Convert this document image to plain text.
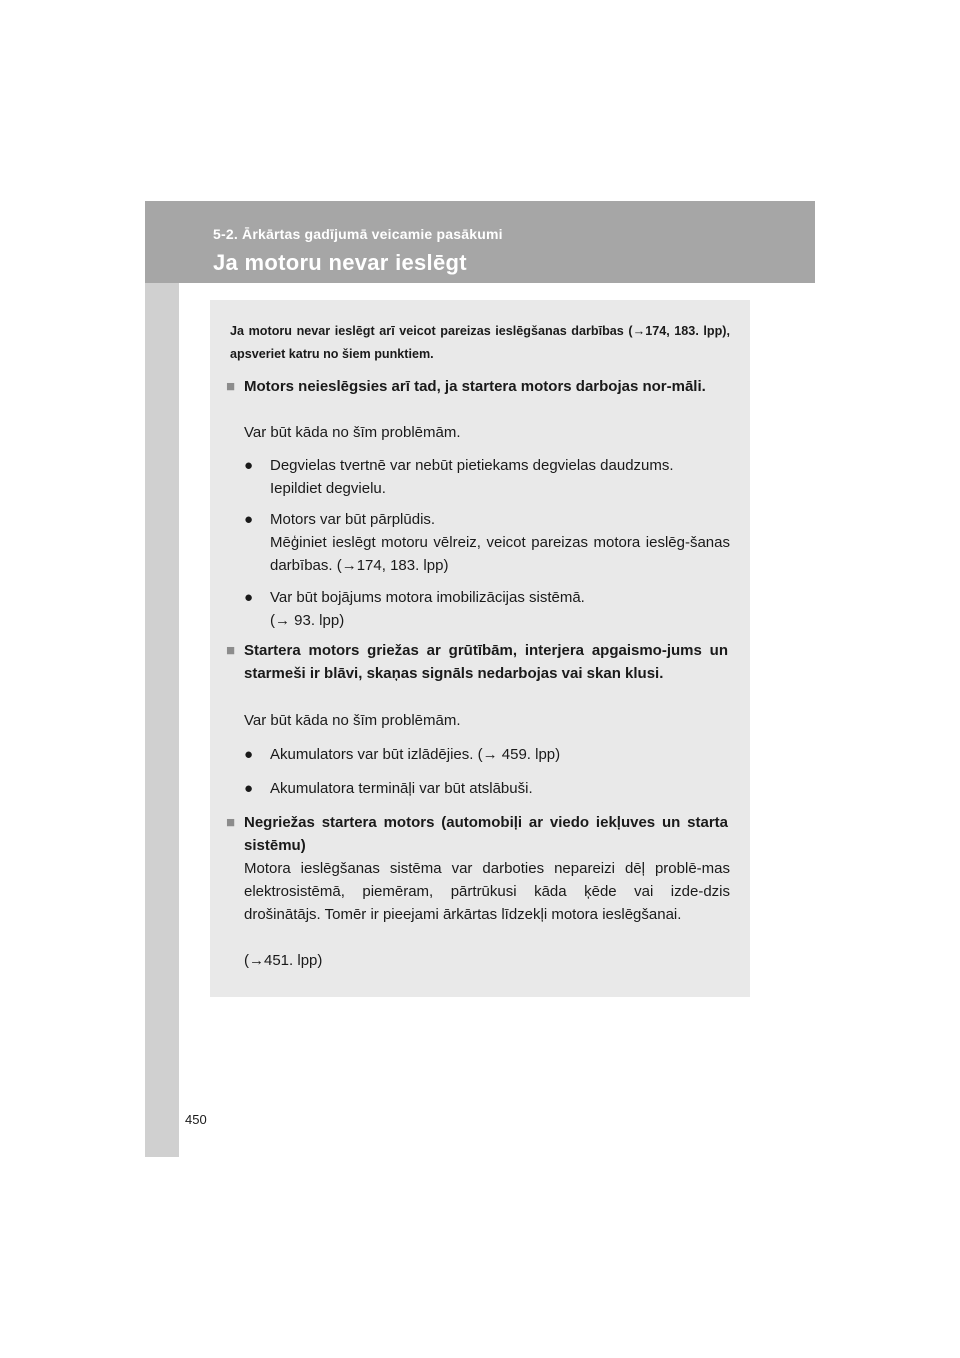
5-2. Ārkārtas gadījumā veicamie pasākumi
Ja motoru nevar ieslēgt
Ja motoru nevar ieslēgt arī veicot pareizas ieslēgšanas darbības (→174, 183. lpp), apsveriet katru no šiem punktiem.
■ Motors neieslēgsies arī tad, ja startera motors darbojas nor-māli.
Var būt kāda no šīm problēmām.
●	Degvielas tvertnē var nebūt pietiekams degvielas daudzums.
Iepildiet degvielu.
●	Motors var būt pārplūdis.
Mēģiniet ieslēgt motoru vēlreiz, veicot pareizas motora ieslēg-šanas darbības. (→174, 183. lpp)
●	Var būt bojājums motora imobilizācijas sistēmā.
(→ 93. lpp)
■ Startera motors griežas ar grūtībām, interjera apgaismo-jums un starmeši ir blāvi, skaņas signāls nedarbojas vai skan klusi.
Var būt kāda no šīm problēmām.
●	Akumulators var būt izlādējies. (→ 459. lpp)
●	Akumulatora termināļi var būt atslābuši.
■ Negriežas startera motors (automobiļi ar viedo iekļuves un starta sistēmu)
Motora ieslēgšanas sistēma var darboties nepareizi dēļ problē-mas elektrosistēmā, piemēram, pārtrūkusi kāda ķēde vai izde-dzis drošinātājs. Tomēr ir pieejami ārkārtas līdzekļi motora ieslēgšanai.
(→451. lpp)
450
